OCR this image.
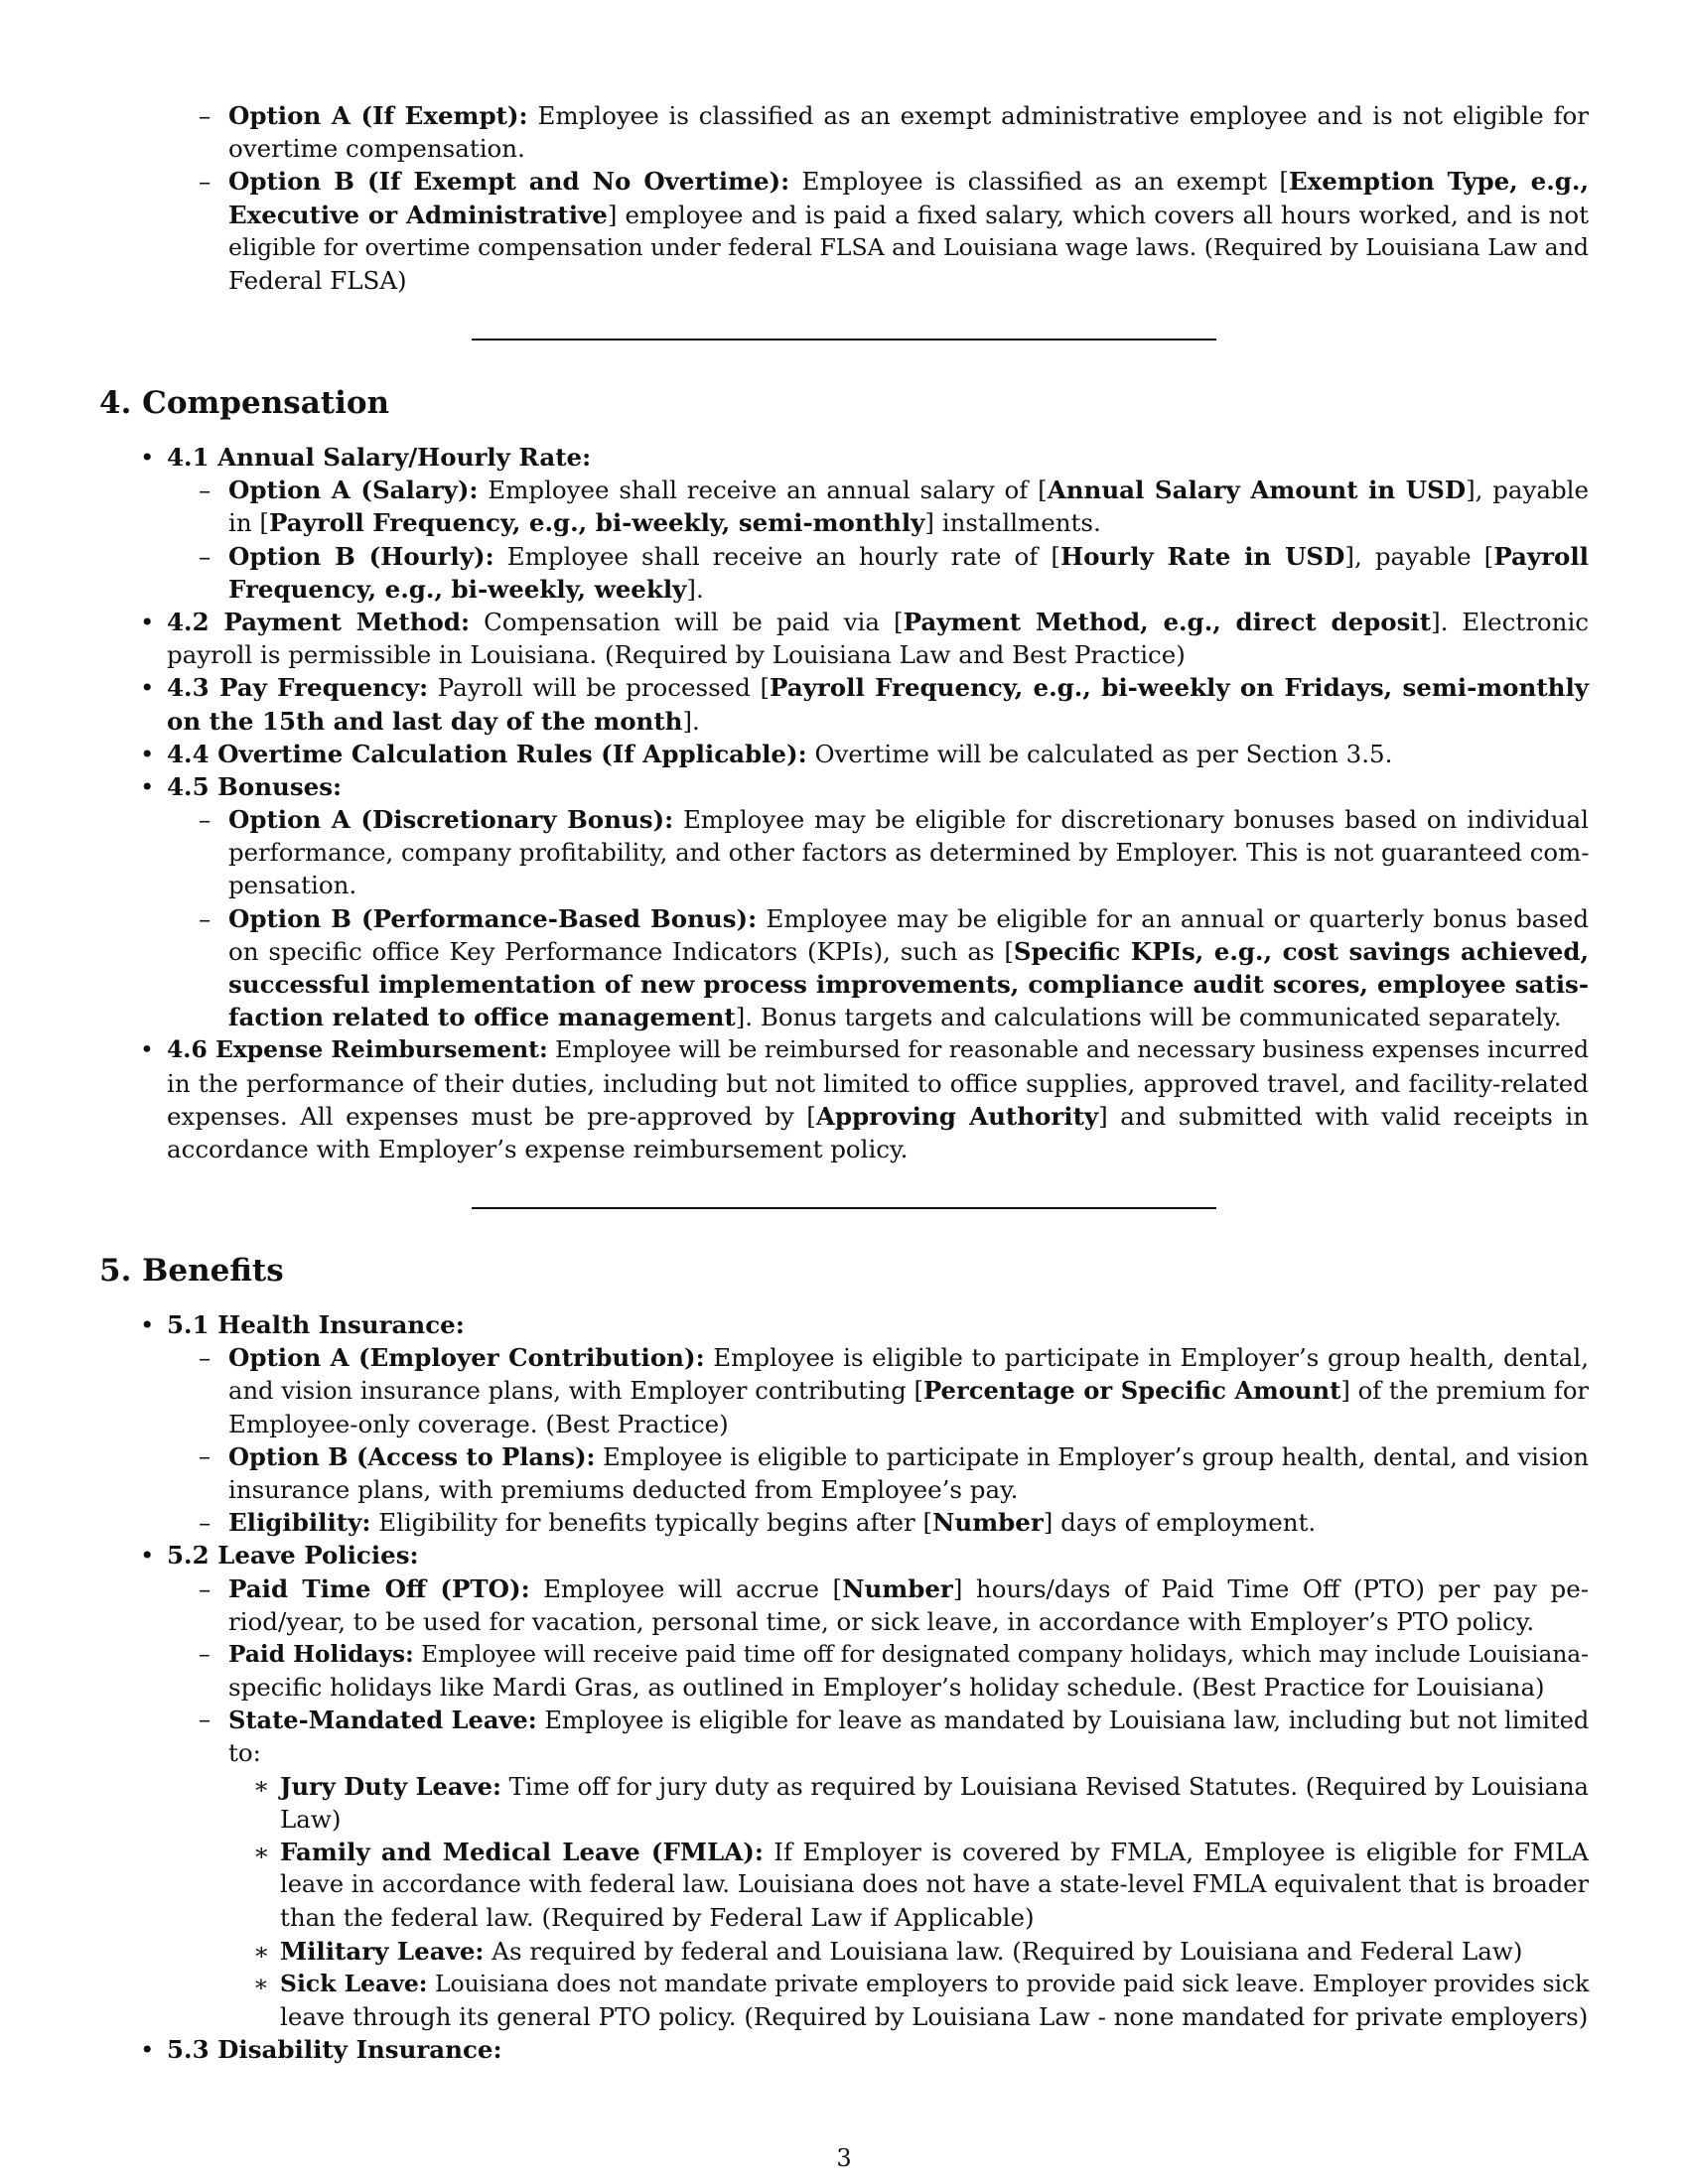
– Option A (If Exempt): Employee is classified as an exempt administrative employee and is not eligible for
overtime compensation.
– Option B (If Exempt and No Overtime): Employee is classified as an exempt [Exemption Type, e.g.,
Executive or Administrative] employee and is paid a fixed salary, which covers all hours worked, and is not
eligible for overtime compensation under federal FLSA and Louisiana wage laws. (Required by Louisiana Law and
Federal FLSA)
4. Compensation
• 4.1 Annual Salary/Hourly Rate:
– Option A (Salary): Employee shall receive an annual salary of [Annual Salary Amount in USD], payable
in [Payroll Frequency, e.g., bi-weekly, semi-monthly] installments.
– Option B (Hourly): Employee shall receive an hourly rate of [Hourly Rate in USD], payable [Payroll
Frequency, e.g., bi-weekly, weekly].
• 4.2 Payment Method: Compensation will be paid via [Payment Method, e.g., direct deposit]. Electronic
payroll is permissible in Louisiana. (Required by Louisiana Law and Best Practice)
• 4.3 Pay Frequency: Payroll will be processed [Payroll Frequency, e.g., bi-weekly on Fridays, semi-monthly
on the 15th and last day of the month].
• 4.4 Overtime Calculation Rules (If Applicable): Overtime will be calculated as per Section 3.5.
• 4.5 Bonuses:
– Option A (Discretionary Bonus): Employee may be eligible for discretionary bonuses based on individual
performance, company profitability, and other factors as determined by Employer. This is not guaranteed com-
pensation.
– Option B (Performance-Based Bonus): Employee may be eligible for an annual or quarterly bonus based
on specific office Key Performance Indicators (KPIs), such as [Specific KPIs, e.g., cost savings achieved,
successful implementation of new process improvements, compliance audit scores, employee satis-
faction related to office management]. Bonus targets and calculations will be communicated separately.
• 4.6 Expense Reimbursement: Employee will be reimbursed for reasonable and necessary business expenses incurred
in the performance of their duties, including but not limited to office supplies, approved travel, and facility-related
expenses. All expenses must be pre-approved by [Approving Authority] and submitted with valid receipts in
accordance with Employer’s expense reimbursement policy.
5. Benefits
• 5.1 Health Insurance:
– Option A (Employer Contribution): Employee is eligible to participate in Employer’s group health, dental,
and vision insurance plans, with Employer contributing [Percentage or Specific Amount] of the premium for
Employee-only coverage. (Best Practice)
– Option B (Access to Plans): Employee is eligible to participate in Employer’s group health, dental, and vision
insurance plans, with premiums deducted from Employee’s pay.
– Eligibility: Eligibility for benefits typically begins after [Number] days of employment.
• 5.2 Leave Policies:
– Paid Time Off (PTO): Employee will accrue [Number] hours/days of Paid Time Off (PTO) per pay pe-
riod/year, to be used for vacation, personal time, or sick leave, in accordance with Employer’s PTO policy.
– Paid Holidays: Employee will receive paid time off for designated company holidays, which may include Louisiana-
specific holidays like Mardi Gras, as outlined in Employer’s holiday schedule. (Best Practice for Louisiana)
– State-Mandated Leave: Employee is eligible for leave as mandated by Louisiana law, including but not limited
to:
∗ Jury Duty Leave: Time off for jury duty as required by Louisiana Revised Statutes. (Required by Louisiana
Law)
∗ Family and Medical Leave (FMLA): If Employer is covered by FMLA, Employee is eligible for FMLA
leave in accordance with federal law. Louisiana does not have a state-level FMLA equivalent that is broader
than the federal law. (Required by Federal Law if Applicable)
∗ Military Leave: As required by federal and Louisiana law. (Required by Louisiana and Federal Law)
∗ Sick Leave: Louisiana does not mandate private employers to provide paid sick leave. Employer provides sick
leave through its general PTO policy. (Required by Louisiana Law - none mandated for private employers)
• 5.3 Disability Insurance:
3
